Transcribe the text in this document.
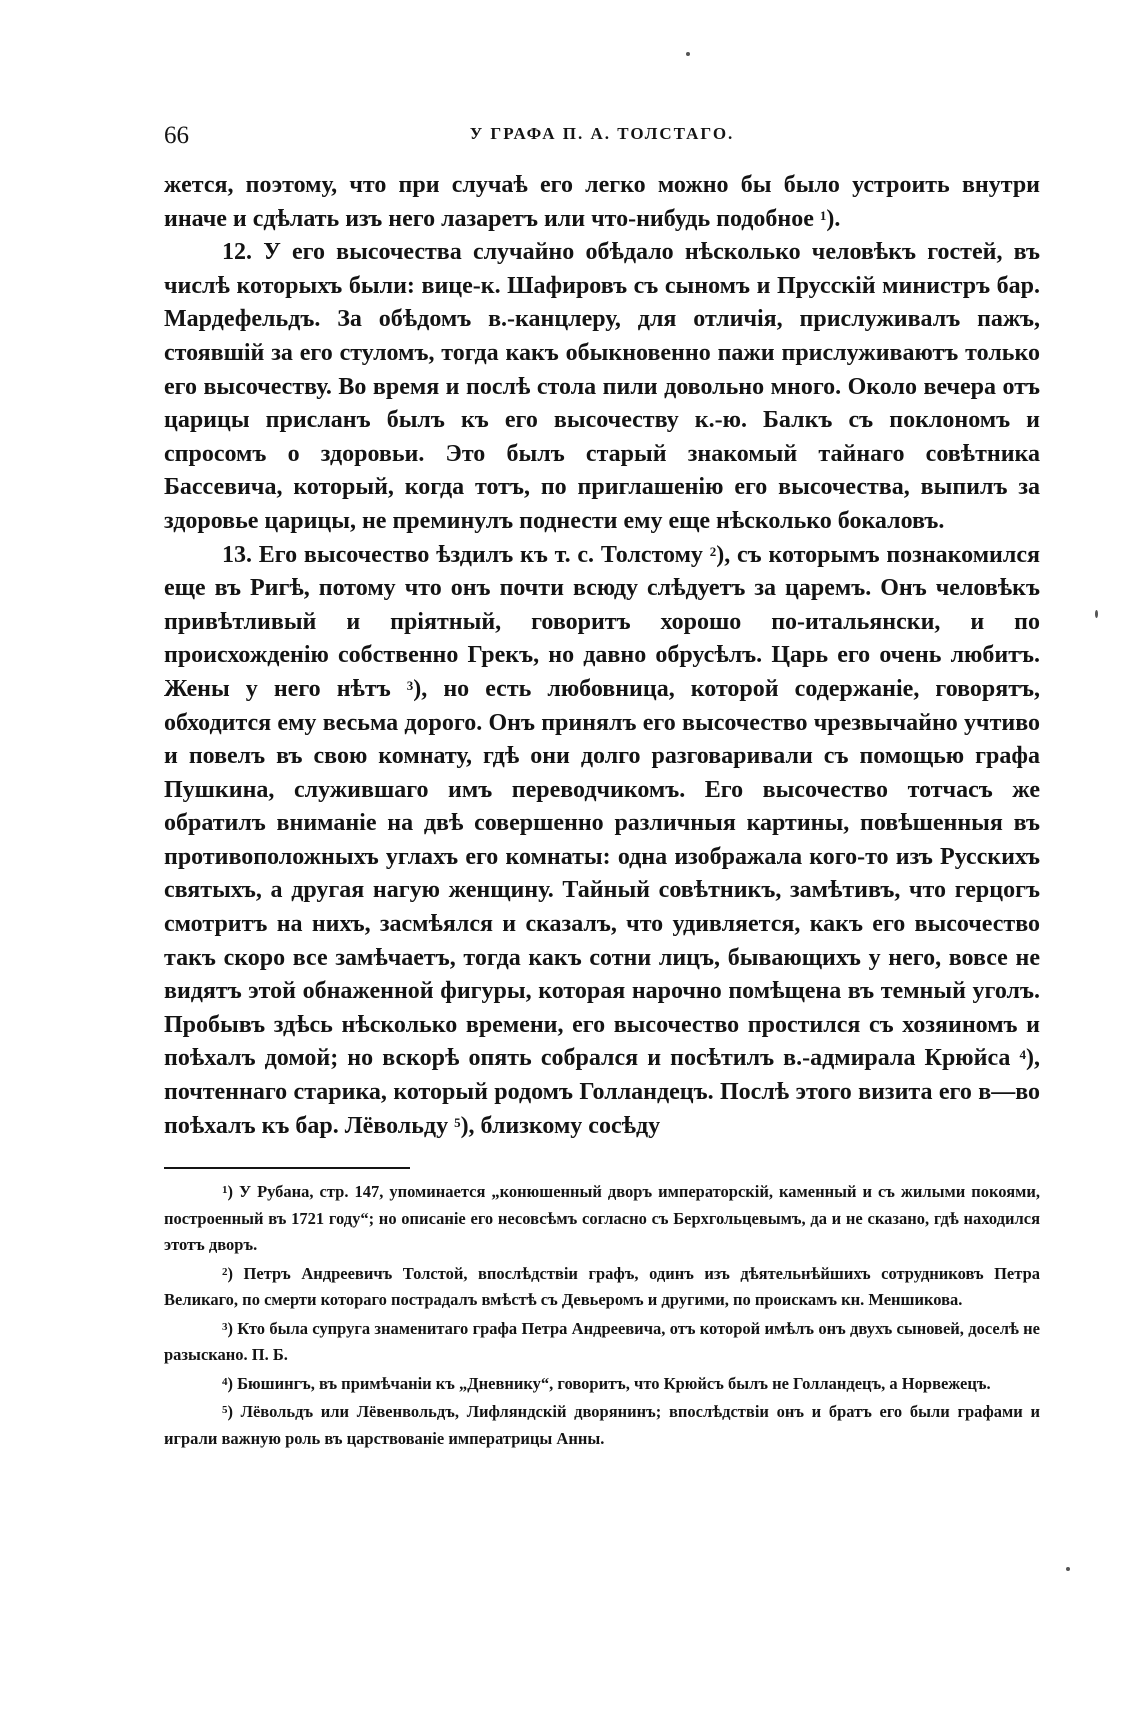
66	У ГРАФА П. А. ТОЛСТАГО.

жется, поэтому, что при случаѣ его легко можно бы было устроить внутри иначе и сдѣлать изъ него лазаретъ или что-нибудь подобное $^1$).

12. У его высочества случайно обѣдало нѣсколько человѣкъ гостей, въ числѣ которыхъ были: вице-к. Шафировъ съ сыномъ и Прусскій министръ бар. Мардефельдъ. За обѣдомъ в.-канцлеру, для отличія, прислуживалъ пажъ, стоявшій за его стуломъ, тогда какъ обыкновенно пажи прислуживаютъ только его высочеству. Во время и послѣ стола пили довольно много. Около вечера отъ царицы присланъ былъ къ его высочеству к.-ю. Балкъ съ поклономъ и спросомъ о здоровьи. Это былъ старый знакомый тайнаго совѣтника Бассевича, который, когда тотъ, по приглашенію его высочества, выпилъ за здоровье царицы, не преминулъ поднести ему еще нѣсколько бокаловъ.

13. Его высочество ѣздилъ къ т. с. Толстому $^2$), съ которымъ познакомился еще въ Ригѣ, потому что онъ почти всюду слѣдуетъ за царемъ. Онъ человѣкъ привѣтливый и пріятный, говоритъ хорошо по-итальянски, и по происхожденію собственно Грекъ, но давно обрусѣлъ. Царь его очень любитъ. Жены у него нѣтъ $^3$), но есть любовница, которой содержаніе, говорятъ, обходится ему весьма дорого. Онъ принялъ его высочество чрезвычайно учтиво и повелъ въ свою комнату, гдѣ они долго разговаривали съ помощью графа Пушкина, служившаго имъ переводчикомъ. Его высочество тотчасъ же обратилъ вниманіе на двѣ совершенно различныя картины, повѣшенныя въ противоположныхъ углахъ его комнаты: одна изображала кого-то изъ Русскихъ святыхъ, а другая нагую женщину. Тайный совѣтникъ, замѣтивъ, что герцогъ смотритъ на нихъ, засмѣялся и сказалъ, что удивляется, какъ его высочество такъ скоро все замѣчаетъ, тогда какъ сотни лицъ, бывающихъ у него, вовсе не видятъ этой обнаженной фигуры, которая нарочно помѣщена въ темный уголъ. Пробывъ здѣсь нѣсколько времени, его высочество простился съ хозяиномъ и поѣхалъ домой; но вскорѣ опять собрался и посѣтилъ в.-адмирала Крюйса $^4$), почтеннаго старика, который родомъ Голландецъ. Послѣ этого визита его в—во поѣхалъ къ бар. Лёвольду $^5$), близкому сосѣду

$^1$) У Рубана, стр. 147, упоминается „конюшенный дворъ императорскій, каменный и съ жилыми покоями, построенный въ 1721 году“; но описаніе его несовсѣмъ согласно съ Берхгольцевымъ, да и не сказано, гдѣ находился этотъ дворъ.

$^2$) Петръ Андреевичъ Толстой, впослѣдствіи графъ, одинъ изъ дѣятельнѣйшихъ сотрудниковъ Петра Великаго, по смерти котораго пострадалъ вмѣстѣ съ Девьеромъ и другими, по проискамъ кн. Меншикова.

$^3$) Кто была супруга знаменитаго графа Петра Андреевича, отъ которой имѣлъ онъ двухъ сыновей, доселѣ не разыскано. П. Б.

$^4$) Бюшингъ, въ примѣчаніи къ „Дневнику“, говоритъ, что Крюйсъ былъ не Голландецъ, а Норвежецъ.

$^5$) Лёвольдъ или Лёвенвольдъ, Лифляндскій дворянинъ; впослѣдствіи онъ и братъ его были графами и играли важную роль въ царствованіе императрицы Анны.
